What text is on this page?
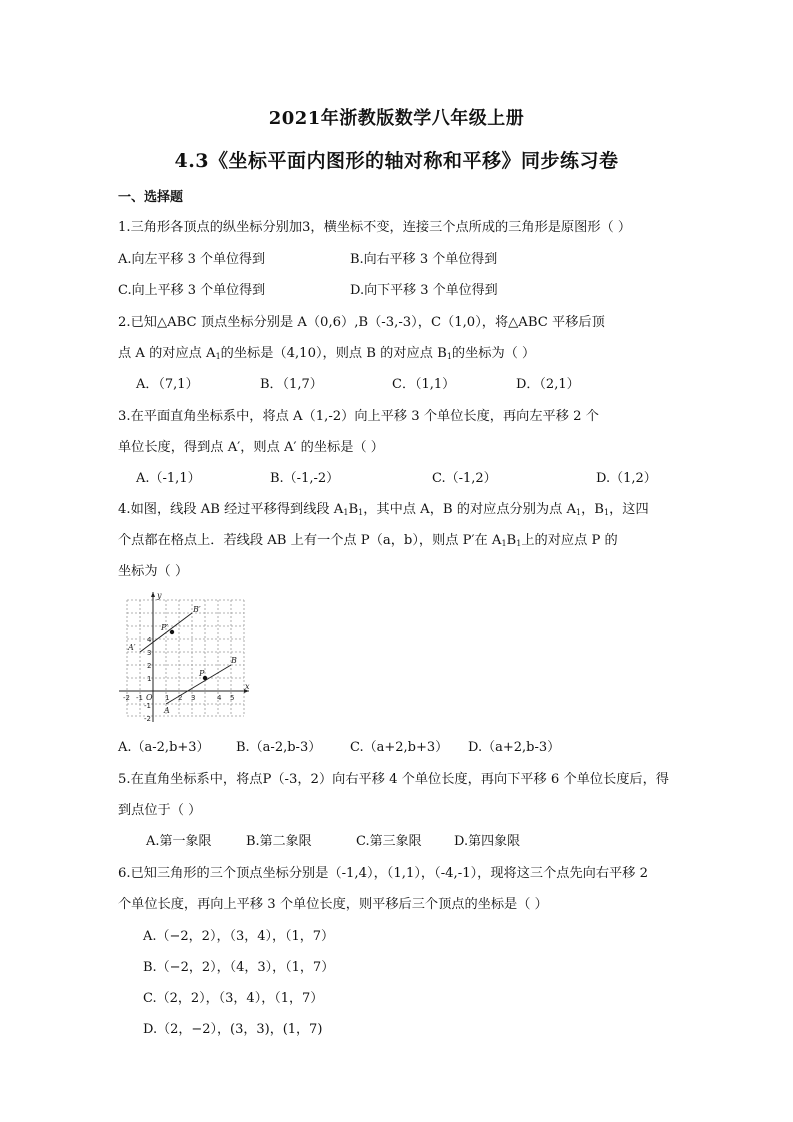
2021年浙教版数学八年级上册
4.3《坐标平面内图形的轴对称和平移》同步练习卷
一、选择题
1.三角形各顶点的纵坐标分别加3，横坐标不变，连接三个点所成的三角形是原图形（ ）
A.向左平移 3 个单位得到	B.向右平移 3 个单位得到
C.向上平移 3 个单位得到	D.向下平移 3 个单位得到
2.已知△ABC 顶点坐标分别是 A（0,6）,B（-3,-3），C（1,0），将△ABC 平移后顶
点 A 的对应点 $A_1$的坐标是（4,10），则点 B 的对应点 $B_1$的坐标为（ ）
A．（7,1）	B．（1,7）	C．（1,1）	D．（2,1）
3.在平面直角坐标系中，将点 A（1,-2）向上平移 3 个单位长度，再向左平移 2 个
单位长度，得到点 A′，则点 A′ 的坐标是（ ）
A.（-1,1）	B.（-1,-2）	C.（-1,2）	D.（1,2）
4.如图，线段 AB 经过平移得到线段 $A_1B_1$，其中点 A，B 的对应点分别为点 $A_1$，$B_1$，这四
个点都在格点上．若线段 AB 上有一个点 P（a，b），则点 P′在 $A_1B_1$上的对应点 P 的
坐标为（ ）
y
x
O
A
B
A′
B′
P
P′
-2 -1	1 2 3	4 5
1
2
3
4
-1
-2
A.（a-2,b+3） B.（a-2,b-3） C.（a+2,b+3） D.（a+2,b-3）
5.在直角坐标系中，将点P（-3，2）向右平移 4 个单位长度，再向下平移 6 个单位长度后，得
到点位于（ ）
A.第一象限	B.第二象限	C.第三象限 D.第四象限
6.已知三角形的三个顶点坐标分别是（-1,4），（1,1），（-4,-1），现将这三个点先向右平移 2
个单位长度，再向上平移 3 个单位长度，则平移后三个顶点的坐标是（ ）
A.（−2，2），（3，4），（1，7）
B.（−2，2），（4，3），（1，7）
C.（2，2），（3，4），（1，7）
D.（2，−2），(3，3)，(1，7)
